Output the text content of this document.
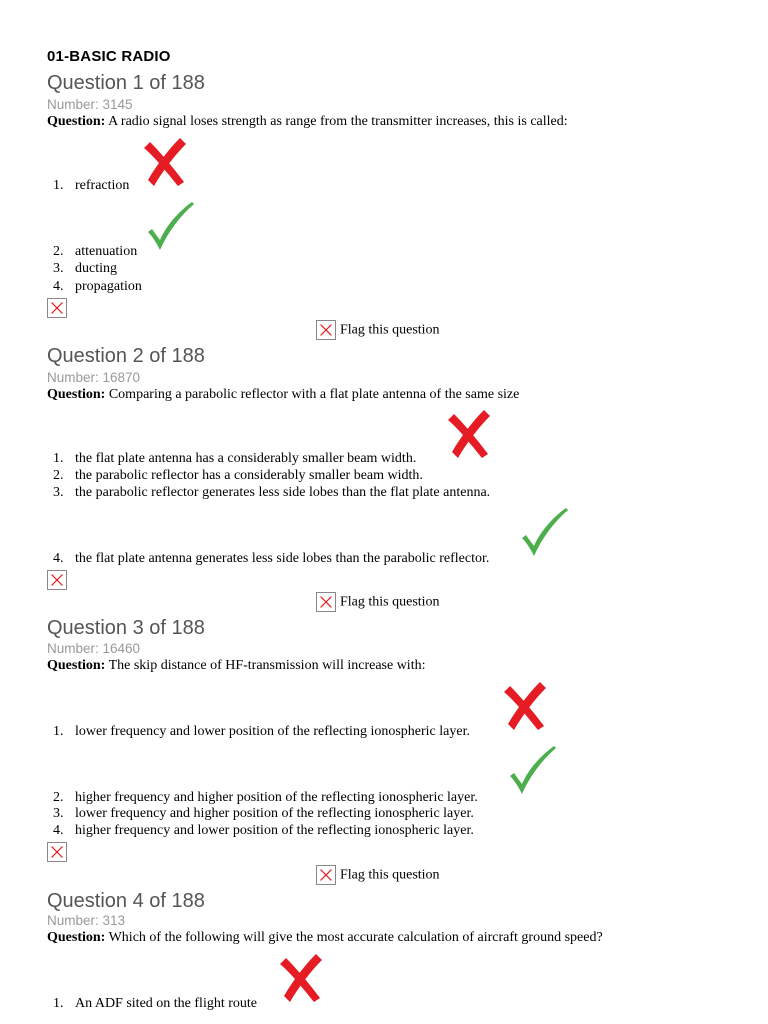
01-BASIC RADIO
Question 1 of 188
Number: 3145
Question: A radio signal loses strength as range from the transmitter increases, this is called:
1. refraction
2. attenuation
3. ducting
4. propagation
Flag this question
Question 2 of 188
Number: 16870
Question: Comparing a parabolic reflector with a flat plate antenna of the same size
1. the flat plate antenna has a considerably smaller beam width.
2. the parabolic reflector has a considerably smaller beam width.
3. the parabolic reflector generates less side lobes than the flat plate antenna.
4. the flat plate antenna generates less side lobes than the parabolic reflector.
Flag this question
Question 3 of 188
Number: 16460
Question: The skip distance of HF-transmission will increase with:
1. lower frequency and lower position of the reflecting ionospheric layer.
2. higher frequency and higher position of the reflecting ionospheric layer.
3. lower frequency and higher position of the reflecting ionospheric layer.
4. higher frequency and lower position of the reflecting ionospheric layer.
Flag this question
Question 4 of 188
Number: 313
Question: Which of the following will give the most accurate calculation of aircraft ground speed?
1. An ADF sited on the flight route
